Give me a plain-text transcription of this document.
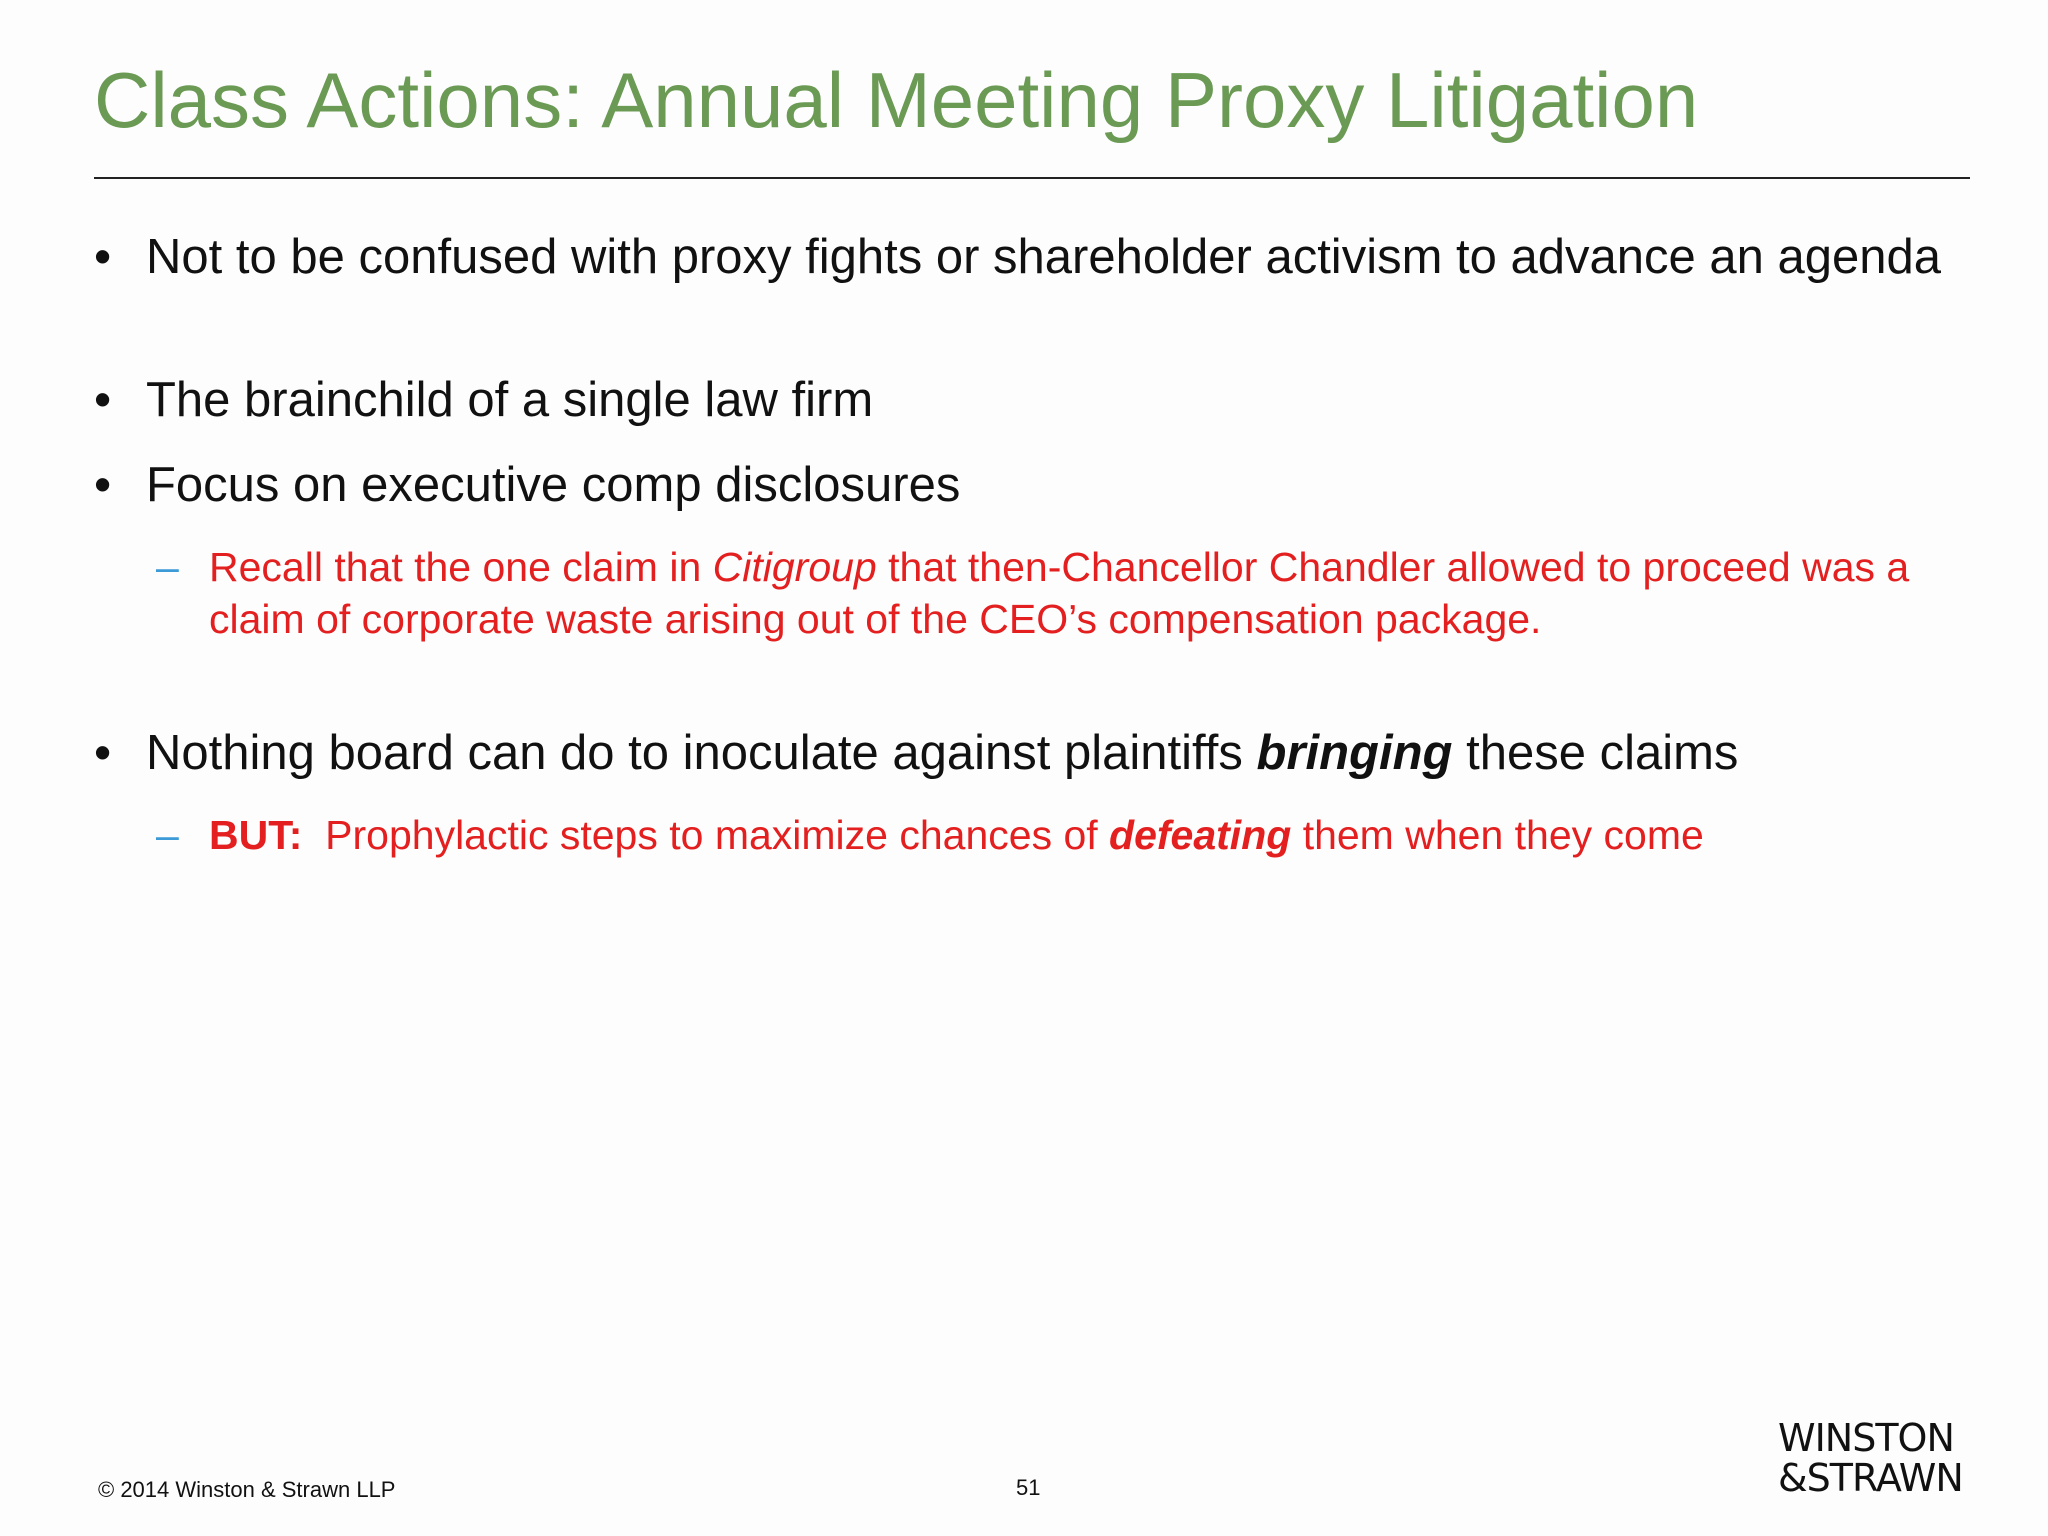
Class Actions: Annual Meeting Proxy Litigation
• Not to be confused with proxy fights or shareholder activism to advance an agenda
• The brainchild of a single law firm
• Focus on executive comp disclosures
– Recall that the one claim in Citigroup that then-Chancellor Chandler allowed to proceed was a claim of corporate waste arising out of the CEO’s compensation package.
• Nothing board can do to inoculate against plaintiffs bringing these claims
– BUT:  Prophylactic steps to maximize chances of defeating them when they come
© 2014 Winston & Strawn LLP	51
WINSTON
&STRAWN
